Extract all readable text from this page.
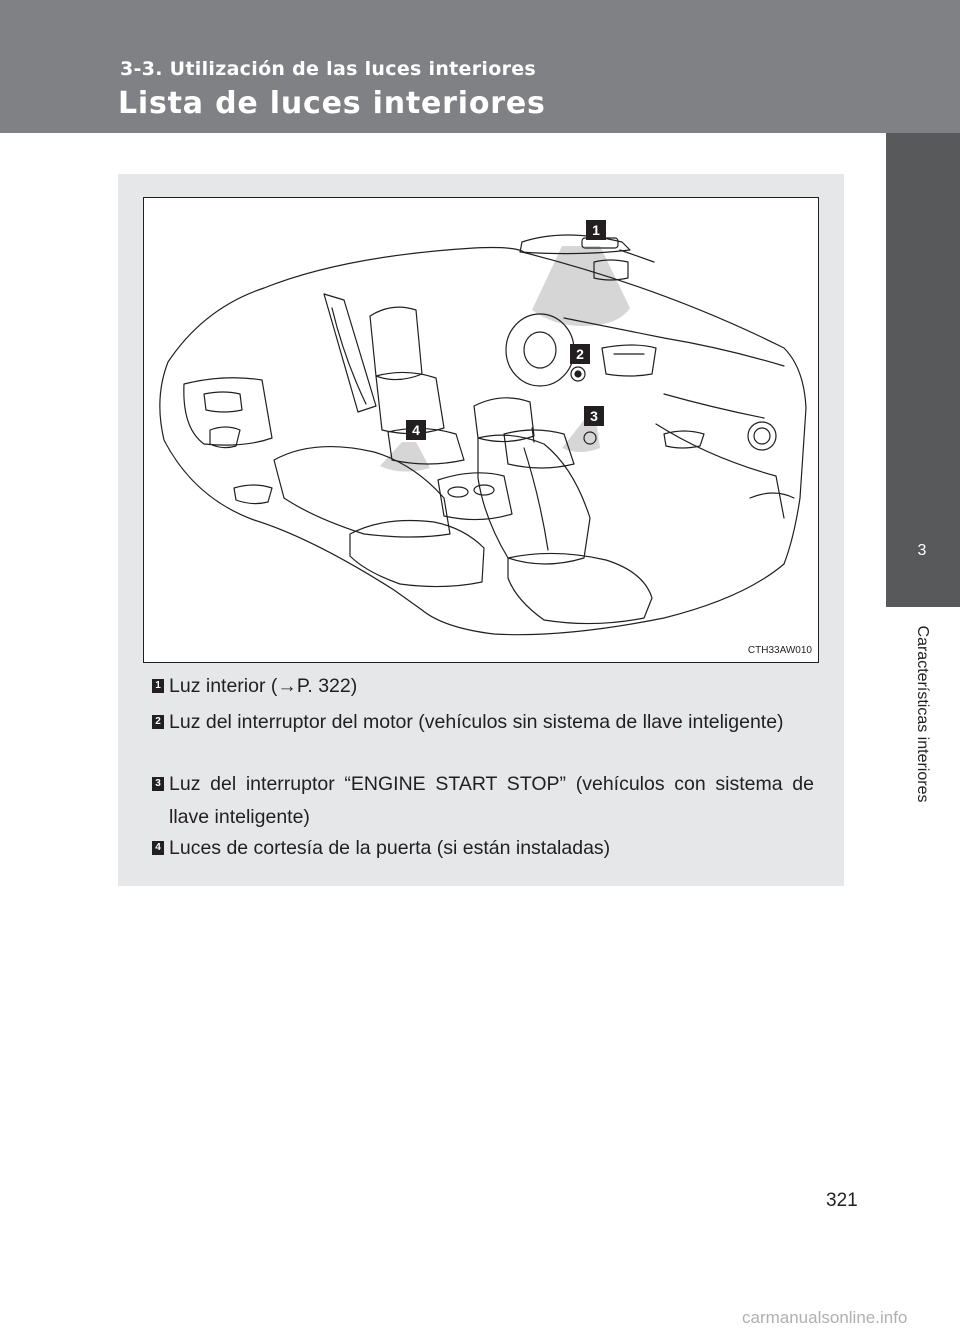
3-3. Utilización de las luces interiores
Lista de luces interiores
3
Características interiores
1
2
3
4
CTH33AW010
1 Luz interior (→P. 322)
2 Luz del interruptor del motor (vehículos sin sistema de llave inteligente)
3 Luz del interruptor “ENGINE START STOP” (vehículos con sistema de llave inteligente)
4 Luces de cortesía de la puerta (si están instaladas)
321
carmanualsonline.info
